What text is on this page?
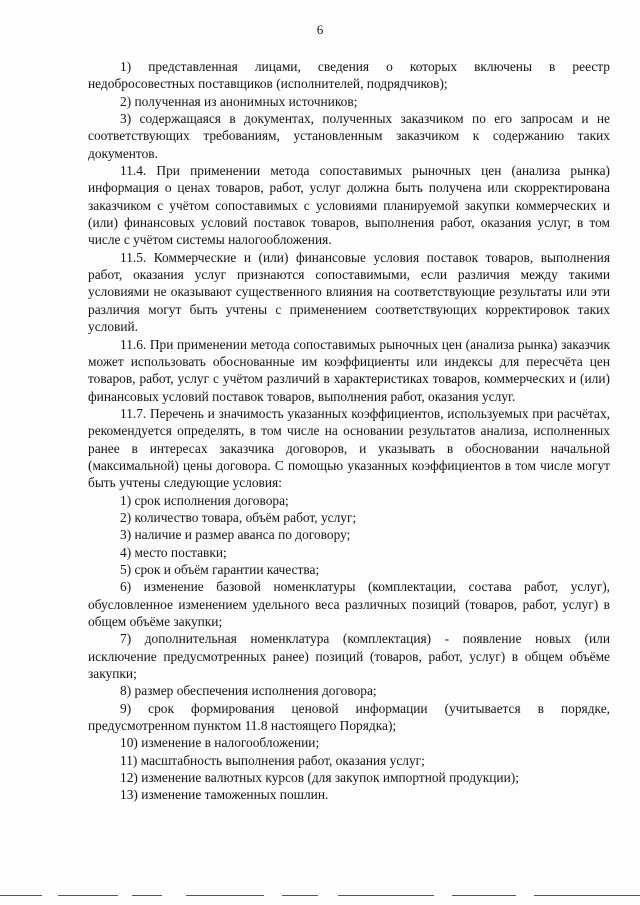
6

1) представленная лицами, сведения о которых включены в реестр недобросовестных поставщиков (исполнителей, подрядчиков);

2) полученная из анонимных источников;

3) содержащаяся в документах, полученных заказчиком по его запросам и не соответствующих требованиям, установленным заказчиком к содержанию таких документов.

11.4. При применении метода сопоставимых рыночных цен (анализа рынка) информация о ценах товаров, работ, услуг должна быть получена или скорректирована заказчиком с учётом сопоставимых с условиями планируемой закупки коммерческих и (или) финансовых условий поставок товаров, выполнения работ, оказания услуг, в том числе с учётом системы налогообложения.

11.5. Коммерческие и (или) финансовые условия поставок товаров, выполнения работ, оказания услуг признаются сопоставимыми, если различия между такими условиями не оказывают существенного влияния на соответствующие результаты или эти различия могут быть учтены с применением соответствующих корректировок таких условий.

11.6. При применении метода сопоставимых рыночных цен (анализа рынка) заказчик может использовать обоснованные им коэффициенты или индексы для пересчёта цен товаров, работ, услуг с учётом различий в характеристиках товаров, коммерческих и (или) финансовых условий поставок товаров, выполнения работ, оказания услуг.

11.7. Перечень и значимость указанных коэффициентов, используемых при расчётах, рекомендуется определять, в том числе на основании результатов анализа, исполненных ранее в интересах заказчика договоров, и указывать в обосновании начальной (максимальной) цены договора. С помощью указанных коэффициентов в том числе могут быть учтены следующие условия:

1) срок исполнения договора;

2) количество товара, объём работ, услуг;

3) наличие и размер аванса по договору;

4) место поставки;

5) срок и объём гарантии качества;

6) изменение базовой номенклатуры (комплектации, состава работ, услуг), обусловленное изменением удельного веса различных позиций (товаров, работ, услуг) в общем объёме закупки;

7) дополнительная номенклатура (комплектация) - появление новых (или исключение предусмотренных ранее) позиций (товаров, работ, услуг) в общем объёме закупки;

8) размер обеспечения исполнения договора;

9) срок формирования ценовой информации (учитывается в порядке, предусмотренном пунктом 11.8 настоящего Порядка);

10) изменение в налогообложении;

11) масштабность выполнения работ, оказания услуг;

12) изменение валютных курсов (для закупок импортной продукции);

13) изменение таможенных пошлин.
